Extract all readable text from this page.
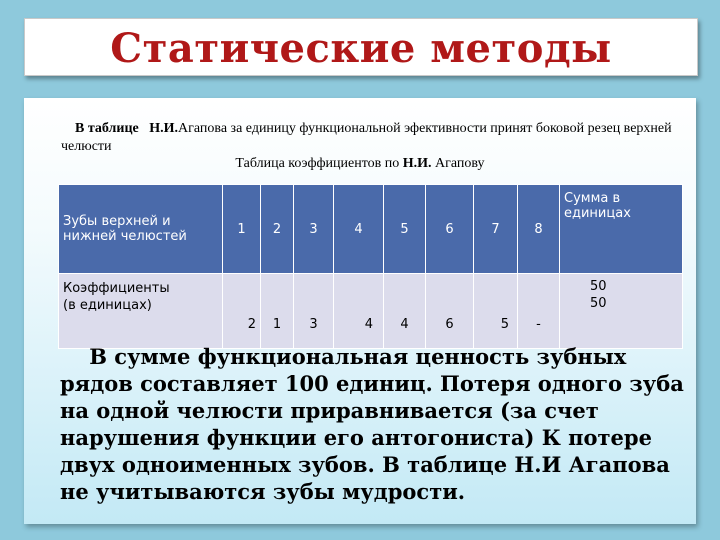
Статические методы
В таблице Н.И.Агапова за единицу функциональной эфективности принят боковой резец верхней челюсти
Таблица коэффициентов по Н.И. Агапову
Зубы верхней и нижней челюстей	1	2	3	4	5	6	7	8	Сумма в единицах
Коэффициенты
(в единицах)	2	1	3	4	4	6	5	-	50
50
В сумме функциональная ценность зубных рядов составляет 100 единиц. Потеря одного зуба на одной челюсти приравнивается (за счет нарушения функции его антогониста) К потере двух одноименных зубов. В таблице Н.И Агапова не учитываются зубы мудрости.
